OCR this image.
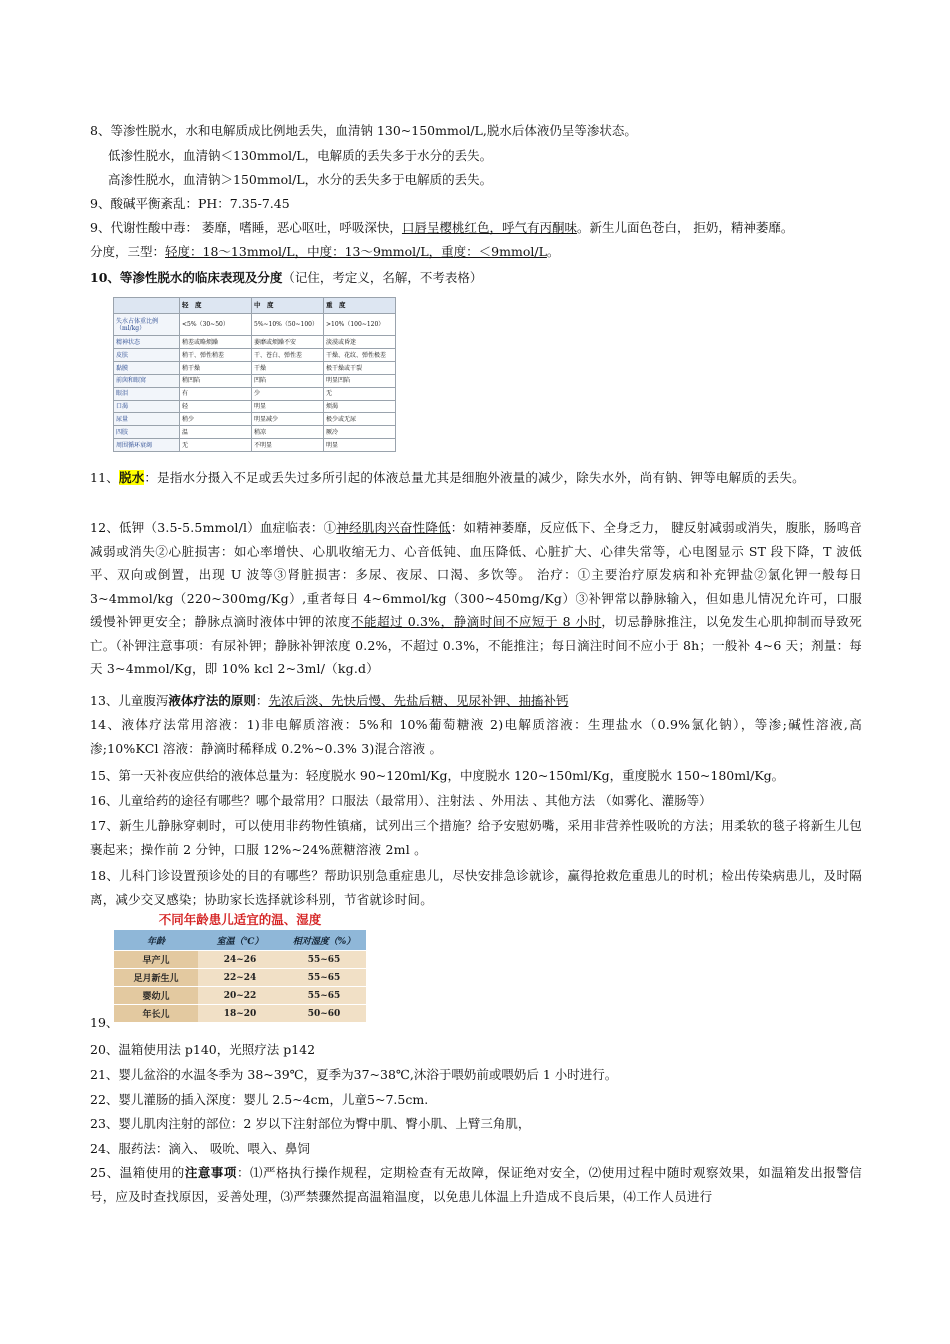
8、等渗性脱水，水和电解质成比例地丢失，血清钠 130~150mmol/L,脱水后体液仍呈等渗状态。
低渗性脱水，血清钠＜130mmol/L，电解质的丢失多于水分的丢失。
高渗性脱水，血清钠＞150mmol/L，水分的丢失多于电解质的丢失。
9、酸碱平衡紊乱：PH：7.35-7.45
9、代谢性酸中毒： 萎靡，嗜睡，恶心呕吐，呼吸深快，口唇呈樱桃红色，呼气有丙酮味。新生儿面色苍白， 拒奶，精神萎靡。
分度，三型：轻度：18～13mmol/L，中度：13～9mmol/L，重度：＜9mmol/L。
10、等渗性脱水的临床表现及分度（记住，考定义，名解，不考表格）
	轻　度	中　度	重　度
失水占体重比例（ml/kg）	<5%（30~50）	5%~10%（50~100）	>10%（100~120）
精神状态	稍差或略烦躁	萎靡或烦躁不安	淡漠或昏迷
皮肤	稍干、弹性稍差	干、苍白、弹性差	干燥、花纹、弹性极差
黏膜	稍干燥	干燥	极干燥或干裂
前囟和眼窝	稍凹陷	凹陷	明显凹陷
眼泪	有	少	无
口渴	轻	明显	烦渴
尿量	稍少	明显减少	极少或无尿
四肢	温	稍凉	厥冷
周围循环衰竭	无	不明显	明显
11、脱水：是指水分摄入不足或丢失过多所引起的体液总量尤其是细胞外液量的减少，除失水外，尚有钠、钾等电解质的丢失。
12、低钾（3.5-5.5mmol/l）血症临表：①神经肌肉兴奋性降低：如精神萎靡，反应低下、全身乏力， 腱反射减弱或消失，腹胀，肠鸣音减弱或消失②心脏损害：如心率增快、心肌收缩无力、心音低钝、血压降低、心脏扩大、心律失常等，心电图显示 ST 段下降，T 波低平、双向或倒置，出现 U 波等③肾脏损害：多尿、夜尿、口渴、多饮等。 治疗：①主要治疗原发病和补充钾盐②氯化钾一般每日 3~4mmol/kg（220~300mg/Kg）,重者每日 4~6mmol/kg（300~450mg/Kg）③补钾常以静脉输入，但如患儿情况允许可，口服缓慢补钾更安全；静脉点滴时液体中钾的浓度不能超过 0.3%，静滴时间不应短于 8 小时，切忌静脉推注，以免发生心肌抑制而导致死亡。（补钾注意事项：有尿补钾；静脉补钾浓度 0.2%，不超过 0.3%，不能推注；每日滴注时间不应小于 8h；一般补 4~6 天；剂量：每天 3~4mmol/Kg，即 10% kcl 2~3ml/（kg.d）
13、儿童腹泻液体疗法的原则：先浓后淡、先快后慢、先盐后糖、见尿补钾、抽搐补钙
14、液体疗法常用溶液：1)非电解质溶液：5%和 10%葡萄糖液 2)电解质溶液：生理盐水（0.9%氯化钠），等渗;碱性溶液,高渗;10%KCl 溶液：静滴时稀释成 0.2%~0.3% 3)混合溶液 。
15、第一天补夜应供给的液体总量为：轻度脱水 90~120ml/Kg，中度脱水 120~150ml/Kg，重度脱水 150~180ml/Kg。
16、儿童给药的途径有哪些？哪个最常用？口服法（最常用）、注射法 、外用法 、其他方法 （如雾化、灌肠等）
17、新生儿静脉穿刺时，可以使用非药物性镇痛，试列出三个措施？给予安慰奶嘴，采用非营养性吸吮的方法；用柔软的毯子将新生儿包裹起来；操作前 2 分钟，口服 12%~24%蔗糖溶液 2ml 。
18、儿科门诊设置预诊处的目的有哪些？帮助识别急重症患儿，尽快安排急诊就诊，赢得抢救危重患儿的时机；检出传染病患儿，及时隔离，减少交叉感染；协助家长选择就诊科别，节省就诊时间。
不同年龄患儿适宜的温、湿度
年龄	室温（℃）	相对湿度（%）
早产儿	24~26	55~65
足月新生儿	22~24	55~65
婴幼儿	20~22	55~65
年长儿	18~20	50~60
19、
20、温箱使用法 p140，光照疗法 p142
21、婴儿盆浴的水温冬季为 38~39℃，夏季为37~38℃,沐浴于喂奶前或喂奶后 1 小时进行。
22、婴儿灌肠的插入深度：婴儿 2.5~4cm，儿童5~7.5cm.
23、婴儿肌肉注射的部位：2 岁以下注射部位为臀中肌、臀小肌、上臂三角肌，
24、服药法：滴入、 吸吮、喂入、鼻饲
25、温箱使用的注意事项：⑴严格执行操作规程，定期检查有无故障，保证绝对安全，⑵使用过程中随时观察效果，如温箱发出报警信号，应及时查找原因，妥善处理，⑶严禁骤然提高温箱温度，以免患儿体温上升造成不良后果，⑷工作人员进行
